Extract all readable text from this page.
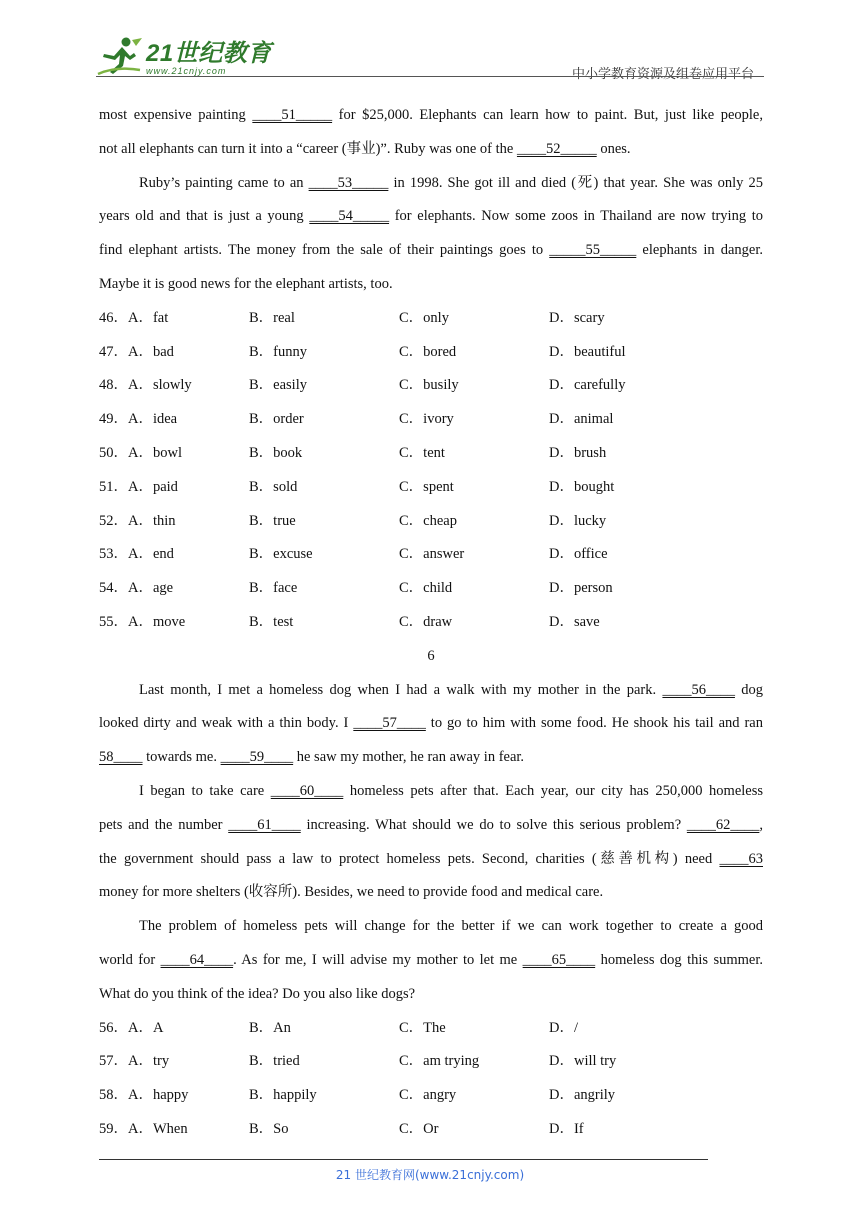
21世纪教育
www.21cnjy.com	中小学教育资源及组卷应用平台
most expensive painting ____51_____ for $25,000. Elephants can learn how to paint. But, just like people,
not all elephants can turn it into a “career (事业)”. Ruby was one of the ____52_____ ones.
Ruby’s painting came to an ____53_____ in 1998. She got ill and died (死) that year. She was only 25
years old and that is just a young ____54_____ for elephants. Now some zoos in Thailand are now trying to
find elephant artists. The money from the sale of their paintings goes to _____55_____ elephants in danger.
Maybe it is good news for the elephant artists, too.
46．A．fat	B．real	C．only	D．scary
47．A．bad	B．funny	C．bored	D．beautiful
48．A．slowly	B．easily	C．busily	D．carefully
49．A．idea	B．order	C．ivory	D．animal
50．A．bowl	B．book	C．tent	D．brush
51．A．paid	B．sold	C．spent	D．bought
52．A．thin	B．true	C．cheap	D．lucky
53．A．end	B．excuse	C．answer	D．office
54．A．age	B．face	C．child	D．person
55．A．move	B．test	C．draw	D．save
6
Last month, I met a homeless dog when I had a walk with my mother in the park. ____56____ dog
looked dirty and weak with a thin body. I ____57____ to go to him with some food. He shook his tail and ran
58____ towards me. ____59____ he saw my mother, he ran away in fear.
I began to take care ____60____ homeless pets after that. Each year, our city has 250,000 homeless
pets and the number ____61____ increasing. What should we do to solve this serious problem? ____62____,
the government should pass a law to protect homeless pets. Second, charities (慈善机构) need ____63
money for more shelters (收容所). Besides, we need to provide food and medical care.
The problem of homeless pets will change for the better if we can work together to create a good
world for ____64____. As for me, I will advise my mother to let me ____65____ homeless dog this summer.
What do you think of the idea? Do you also like dogs?
56．A．A	B．An	C．The	D．/
57．A．try	B．tried	C．am trying	D．will try
58．A．happy	B．happily	C．angry	D．angrily
59．A．When	B．So	C．Or	D．If
21 世纪教育网(www.21cnjy.com)
